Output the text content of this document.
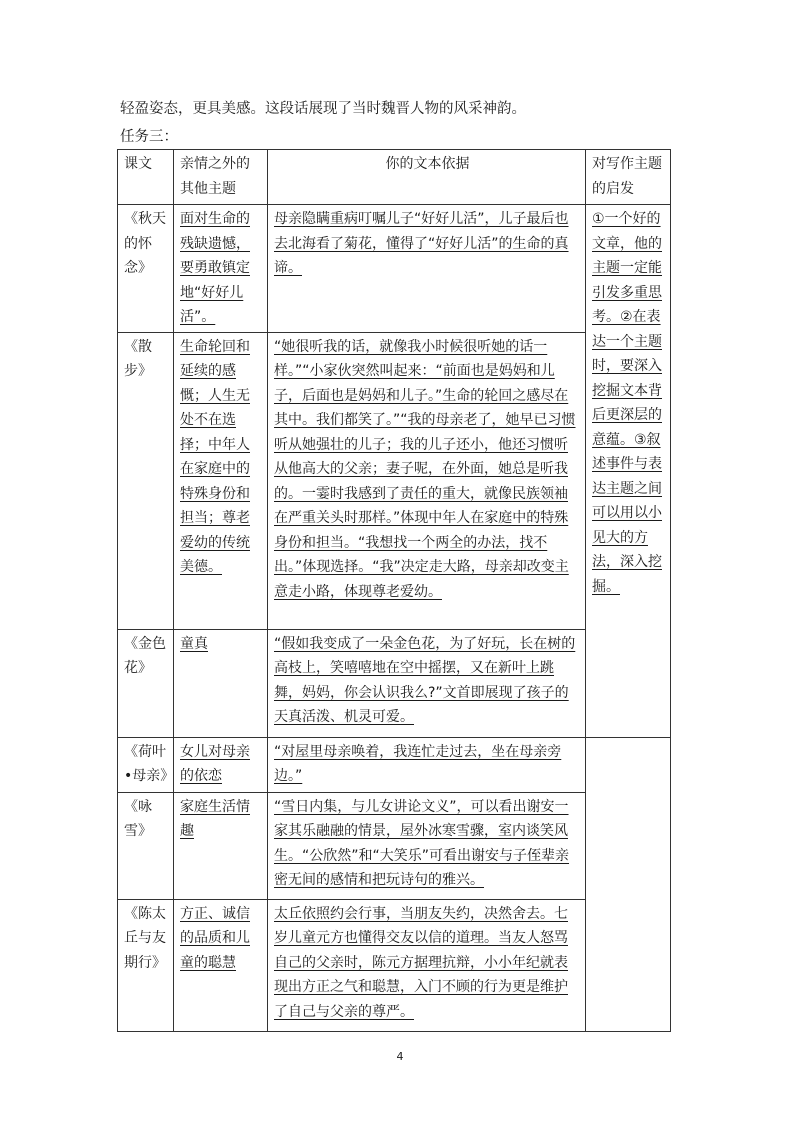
轻盈姿态，更具美感。这段话展现了当时魏晋人物的风采神韵。
任务三：
课文	亲情之外的其他主题	你的文本依据	对写作主题的启发
《秋天的怀念》	面对生命的残缺遗憾，要勇敢镇定地“好好儿活”。	母亲隐瞒重病叮嘱儿子“好好儿活”，儿子最后也去北海看了菊花，懂得了“好好儿活”的生命的真谛。	①一个好的文章，他的主题一定能引发多重思考。②在表达一个主题时，要深入挖掘文本背后更深层的意蕴。③叙述事件与表达主题之间可以用以小见大的方法，深入挖掘。
《散步》	生命轮回和延续的感慨；人生无处不在选择；中年人在家庭中的特殊身份和担当；尊老爱幼的传统美德。	“她很听我的话，就像我小时候很听她的话一样。”“小家伙突然叫起来：“前面也是妈妈和儿子，后面也是妈妈和儿子。”生命的轮回之感尽在其中。我们都笑了。”“我的母亲老了，她早已习惯听从她强壮的儿子；我的儿子还小，他还习惯听从他高大的父亲；妻子呢，在外面，她总是听我的。一霎时我感到了责任的重大，就像民族领袖在严重关头时那样。”体现中年人在家庭中的特殊身份和担当。“我想找一个两全的办法，找不出。”体现选择。“我”决定走大路，母亲却改变主意走小路，体现尊老爱幼。	
《金色花》	童真	“假如我变成了一朵金色花，为了好玩，长在树的高枝上，笑嘻嘻地在空中摇摆，又在新叶上跳舞，妈妈，你会认识我么?”文首即展现了孩子的天真活泼、机灵可爱。	
《荷叶•母亲》	女儿对母亲的依恋	“对屋里母亲唤着，我连忙走过去，坐在母亲旁边。”	
《咏雪》	家庭生活情趣	“雪日内集，与儿女讲论文义”，可以看出谢安一家其乐融融的情景，屋外冰寒雪骤，室内谈笑风生。“公欣然”和“大笑乐”可看出谢安与子侄辈亲密无间的感情和把玩诗句的雅兴。	
《陈太丘与友期行》	方正、诚信的品质和儿童的聪慧	太丘依照约会行事，当朋友失约，决然舍去。七岁儿童元方也懂得交友以信的道理。当友人怒骂自己的父亲时，陈元方据理抗辩，小小年纪就表现出方正之气和聪慧，入门不顾的行为更是维护了自己与父亲的尊严。	
4
